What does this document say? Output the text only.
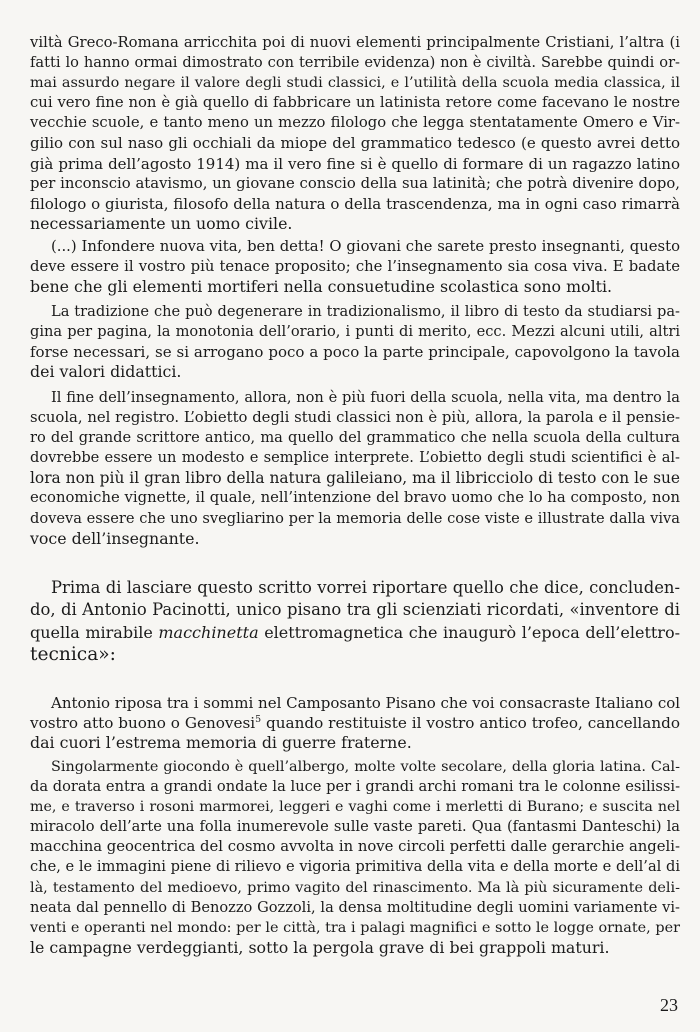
viltà Greco-Romana arricchita poi di nuovi elementi principalmente Cristiani, l’altra (i
fatti lo hanno ormai dimostrato con terribile evidenza) non è civiltà. Sarebbe quindi or-
mai assurdo negare il valore degli studi classici, e l’utilità della scuola media classica, il
cui vero fine non è già quello di fabbricare un latinista retore come facevano le nostre
vecchie scuole, e tanto meno un mezzo filologo che legga stentatamente Omero e Vir-
gilio con sul naso gli occhiali da miope del grammatico tedesco (e questo avrei detto
già prima dell’agosto 1914) ma il vero fine si è quello di formare di un ragazzo latino
per inconscio atavismo, un giovane conscio della sua latinità; che potrà divenire dopo,
filologo o giurista, filosofo della natura o della trascendenza, ma in ogni caso rimarrà
necessariamente un uomo civile.
(...) Infondere nuova vita, ben detta! O giovani che sarete presto insegnanti, questo
deve essere il vostro più tenace proposito; che l’insegnamento sia cosa viva. E badate
bene che gli elementi mortiferi nella consuetudine scolastica sono molti.
La tradizione che può degenerare in tradizionalismo, il libro di testo da studiarsi pa-
gina per pagina, la monotonia dell’orario, i punti di merito, ecc. Mezzi alcuni utili, altri
forse necessari, se si arrogano poco a poco la parte principale, capovolgono la tavola
dei valori didattici.
Il fine dell’insegnamento, allora, non è più fuori della scuola, nella vita, ma dentro la
scuola, nel registro. L’obietto degli studi classici non è più, allora, la parola e il pensie-
ro del grande scrittore antico, ma quello del grammatico che nella scuola della cultura
dovrebbe essere un modesto e semplice interprete. L’obietto degli studi scientifici è al-
lora non più il gran libro della natura galileiano, ma il libricciolo di testo con le sue
economiche vignette, il quale, nell’intenzione del bravo uomo che lo ha composto, non
doveva essere che uno svegliarino per la memoria delle cose viste e illustrate dalla viva
voce dell’insegnante.
Prima di lasciare questo scritto vorrei riportare quello che dice, concluden-
do, di Antonio Pacinotti, unico pisano tra gli scienziati ricordati, «inventore di
quella mirabile macchinetta elettromagnetica che inaugurò l’epoca dell’elettro-
tecnica»:
Antonio riposa tra i sommi nel Camposanto Pisano che voi consacraste Italiano col
vostro atto buono o Genovesi$^5$ quando restituiste il vostro antico trofeo, cancellando
dai cuori l’estrema memoria di guerre fraterne.
Singolarmente giocondo è quell’albergo, molte volte secolare, della gloria latina. Cal-
da dorata entra a grandi ondate la luce per i grandi archi romani tra le colonne esilissi-
me, e traverso i rosoni marmorei, leggeri e vaghi come i merletti di Burano; e suscita nel
miracolo dell’arte una folla inumerevole sulle vaste pareti. Qua (fantasmi Danteschi) la
macchina geocentrica del cosmo avvolta in nove circoli perfetti dalle gerarchie angeli-
che, e le immagini piene di rilievo e vigoria primitiva della vita e della morte e dell’al di
là, testamento del medioevo, primo vagito del rinascimento. Ma là più sicuramente deli-
neata dal pennello di Benozzo Gozzoli, la densa moltitudine degli uomini variamente vi-
venti e operanti nel mondo: per le città, tra i palagi magnifici e sotto le logge ornate, per
le campagne verdeggianti, sotto la pergola grave di bei grappoli maturi.
23
